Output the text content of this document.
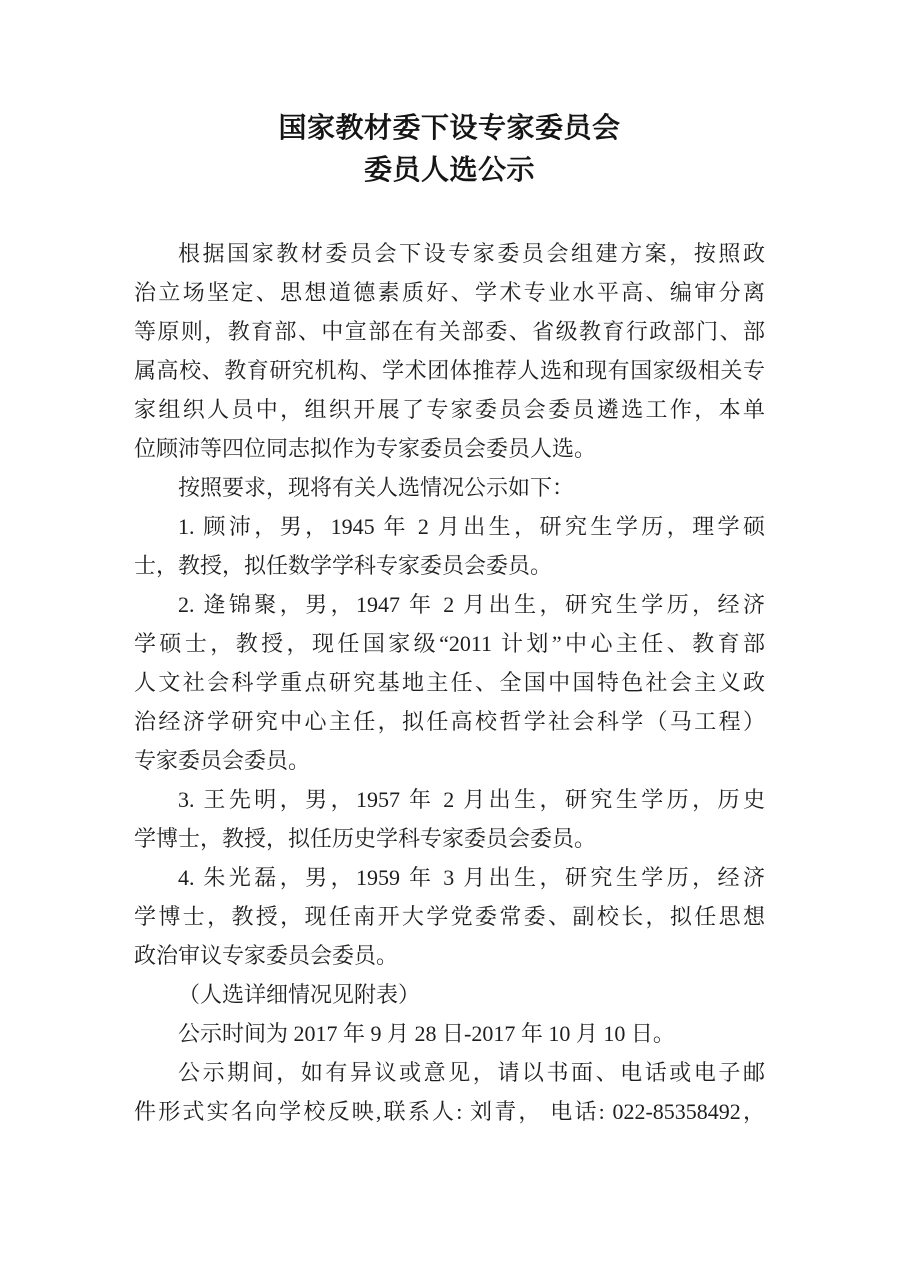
国家教材委下设专家委员会
委员人选公示
根据国家教材委员会下设专家委员会组建方案，按照政
治立场坚定、思想道德素质好、学术专业水平高、编审分离
等原则，教育部、中宣部在有关部委、省级教育行政部门、部
属高校、教育研究机构、学术团体推荐人选和现有国家级相关专
家组织人员中，组织开展了专家委员会委员遴选工作，本单
位顾沛等四位同志拟作为专家委员会委员人选。
按照要求，现将有关人选情况公示如下：
1. 顾沛，男，1945 年 2 月出生，研究生学历，理学硕
士，教授，拟任数学学科专家委员会委员。
2. 逄锦聚，男，1947 年 2 月出生，研究生学历，经济
学硕士，教授，现任国家级“2011 计划”中心主任、教育部
人文社会科学重点研究基地主任、全国中国特色社会主义政
治经济学研究中心主任，拟任高校哲学社会科学（马工程）
专家委员会委员。
3. 王先明，男，1957 年 2 月出生，研究生学历，历史
学博士，教授，拟任历史学科专家委员会委员。
4. 朱光磊，男，1959 年 3 月出生，研究生学历，经济
学博士，教授，现任南开大学党委常委、副校长，拟任思想
政治审议专家委员会委员。
（人选详细情况见附表）
公示时间为 2017 年 9 月 28 日-2017 年 10 月 10 日。
公示期间，如有异议或意见，请以书面、电话或电子邮
件形式实名向学校反映,联系人: 刘青， 电话: 022-85358492，
